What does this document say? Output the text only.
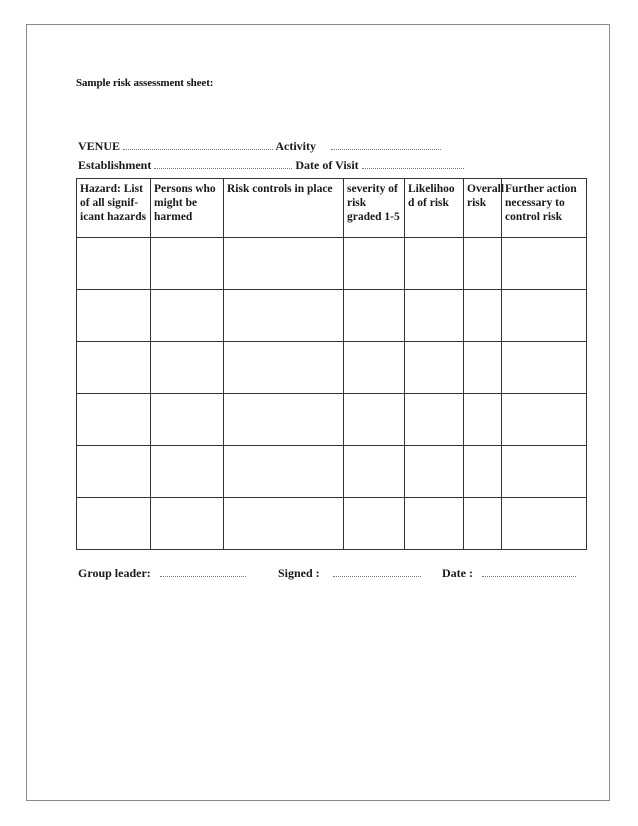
Sample risk assessment sheet:
VENUE	Activity
Establishment	Date of Visit
Hazard: List of all signif- icant hazards	Persons who might be harmed	Risk controls in place	severity of risk graded 1-5	Likelihoo d of risk	Overall risk	Further action necessary to control risk

Group leader:	Signed :	Date :
